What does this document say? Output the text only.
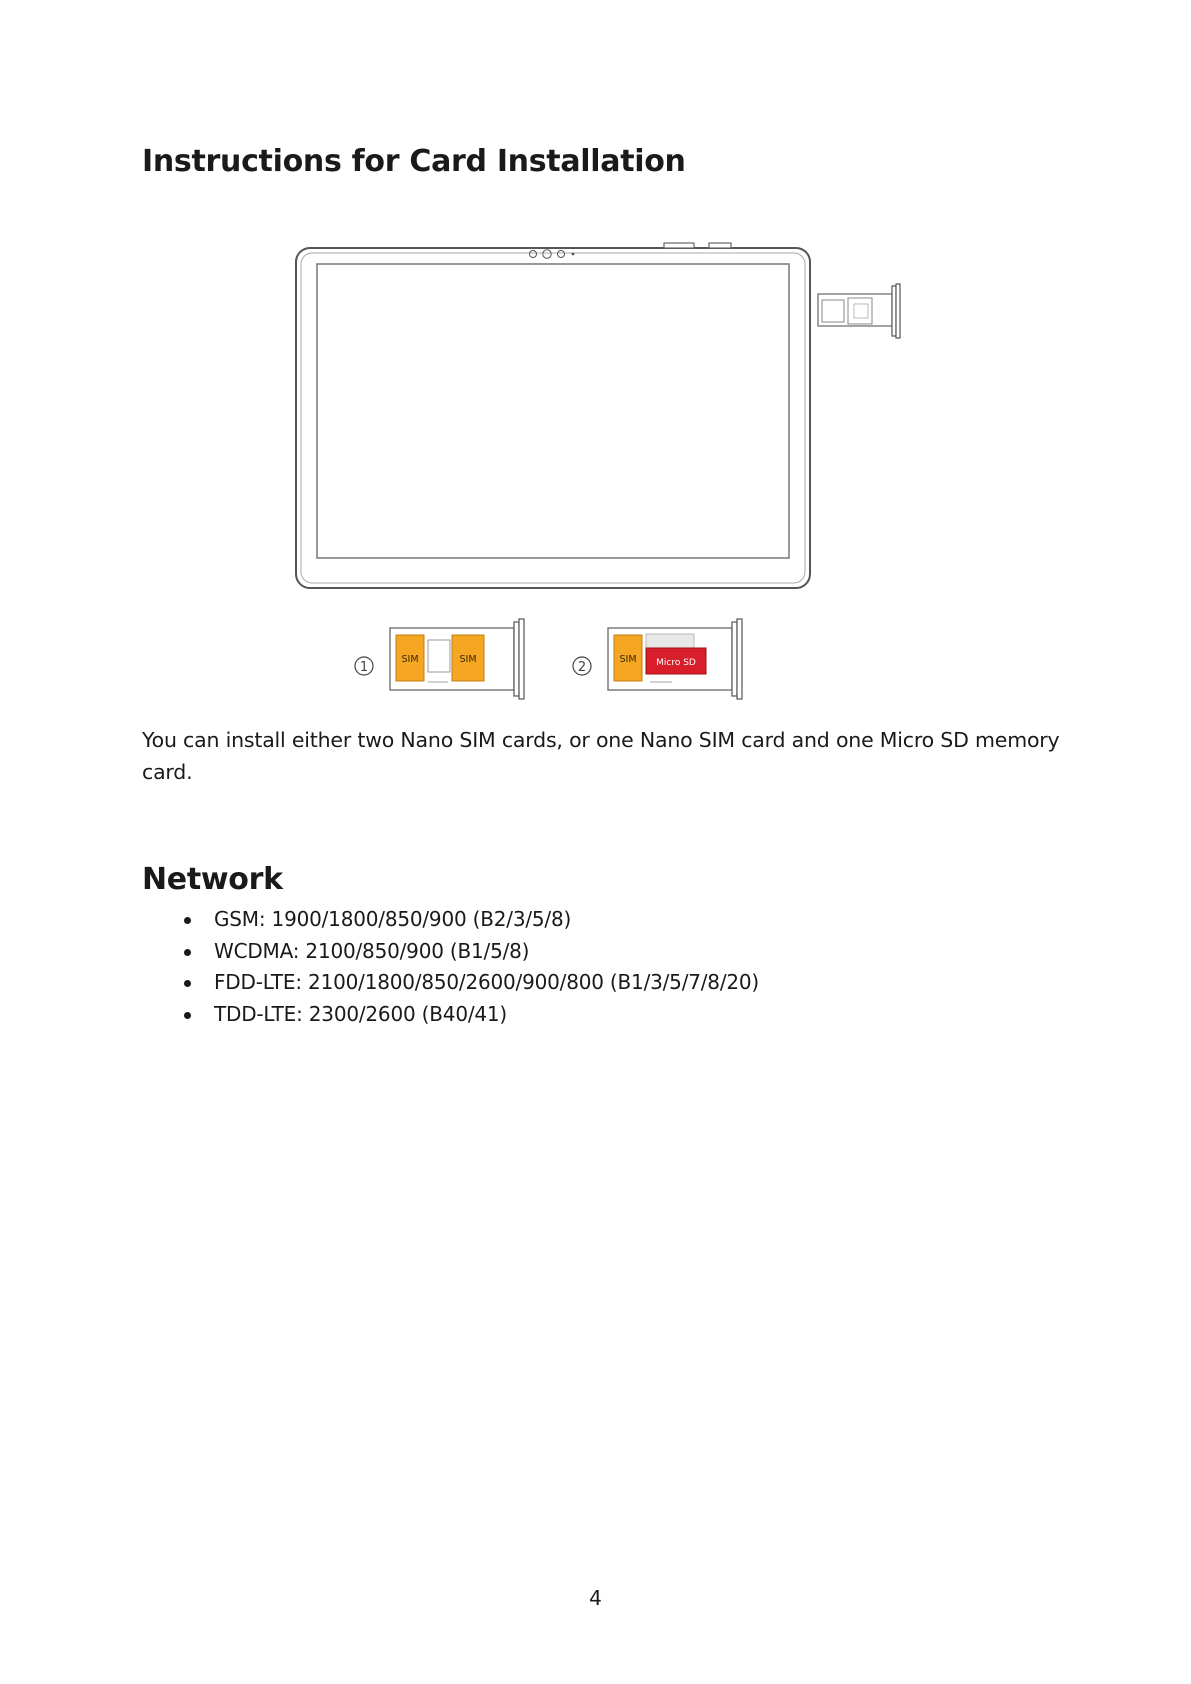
Instructions for Card Installation
1
SIM	SIM
2
SIM Micro SD

You can install either two Nano SIM cards, or one Nano SIM card and one Micro SD memory card.

Network
GSM: 1900/1800/850/900 (B2/3/5/8)
WCDMA: 2100/850/900 (B1/5/8)
FDD-LTE: 2100/1800/850/2600/900/800 (B1/3/5/7/8/20)
TDD-LTE: 2300/2600 (B40/41)

4
